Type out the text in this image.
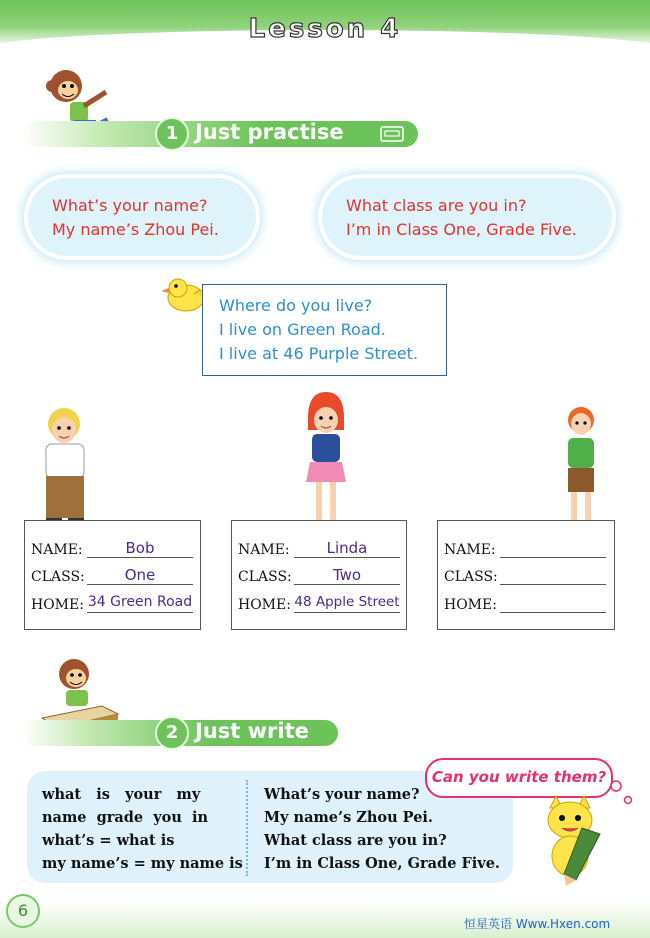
Lesson 4
1 Just practise
What’s your name?
My name’s Zhou Pei.
What class are you in?
I’m in Class One, Grade Five.
Where do you live?
I live on Green Road.
I live at 46 Purple Street.
NAME:	Bob
CLASS:	One
HOME: 34 Green Road
NAME:	Linda
CLASS:	Two
HOME: 48 Apple Street
NAME:
CLASS:
HOME:
2 Just write
what   is   your   my
name  grade  you  in
what’s = what is
my name’s = my name is
What’s your name?
My name’s Zhou Pei.
What class are you in?
I’m in Class One, Grade Five.
Can you write them?
6
恒星英语 Www.Hxen.com
